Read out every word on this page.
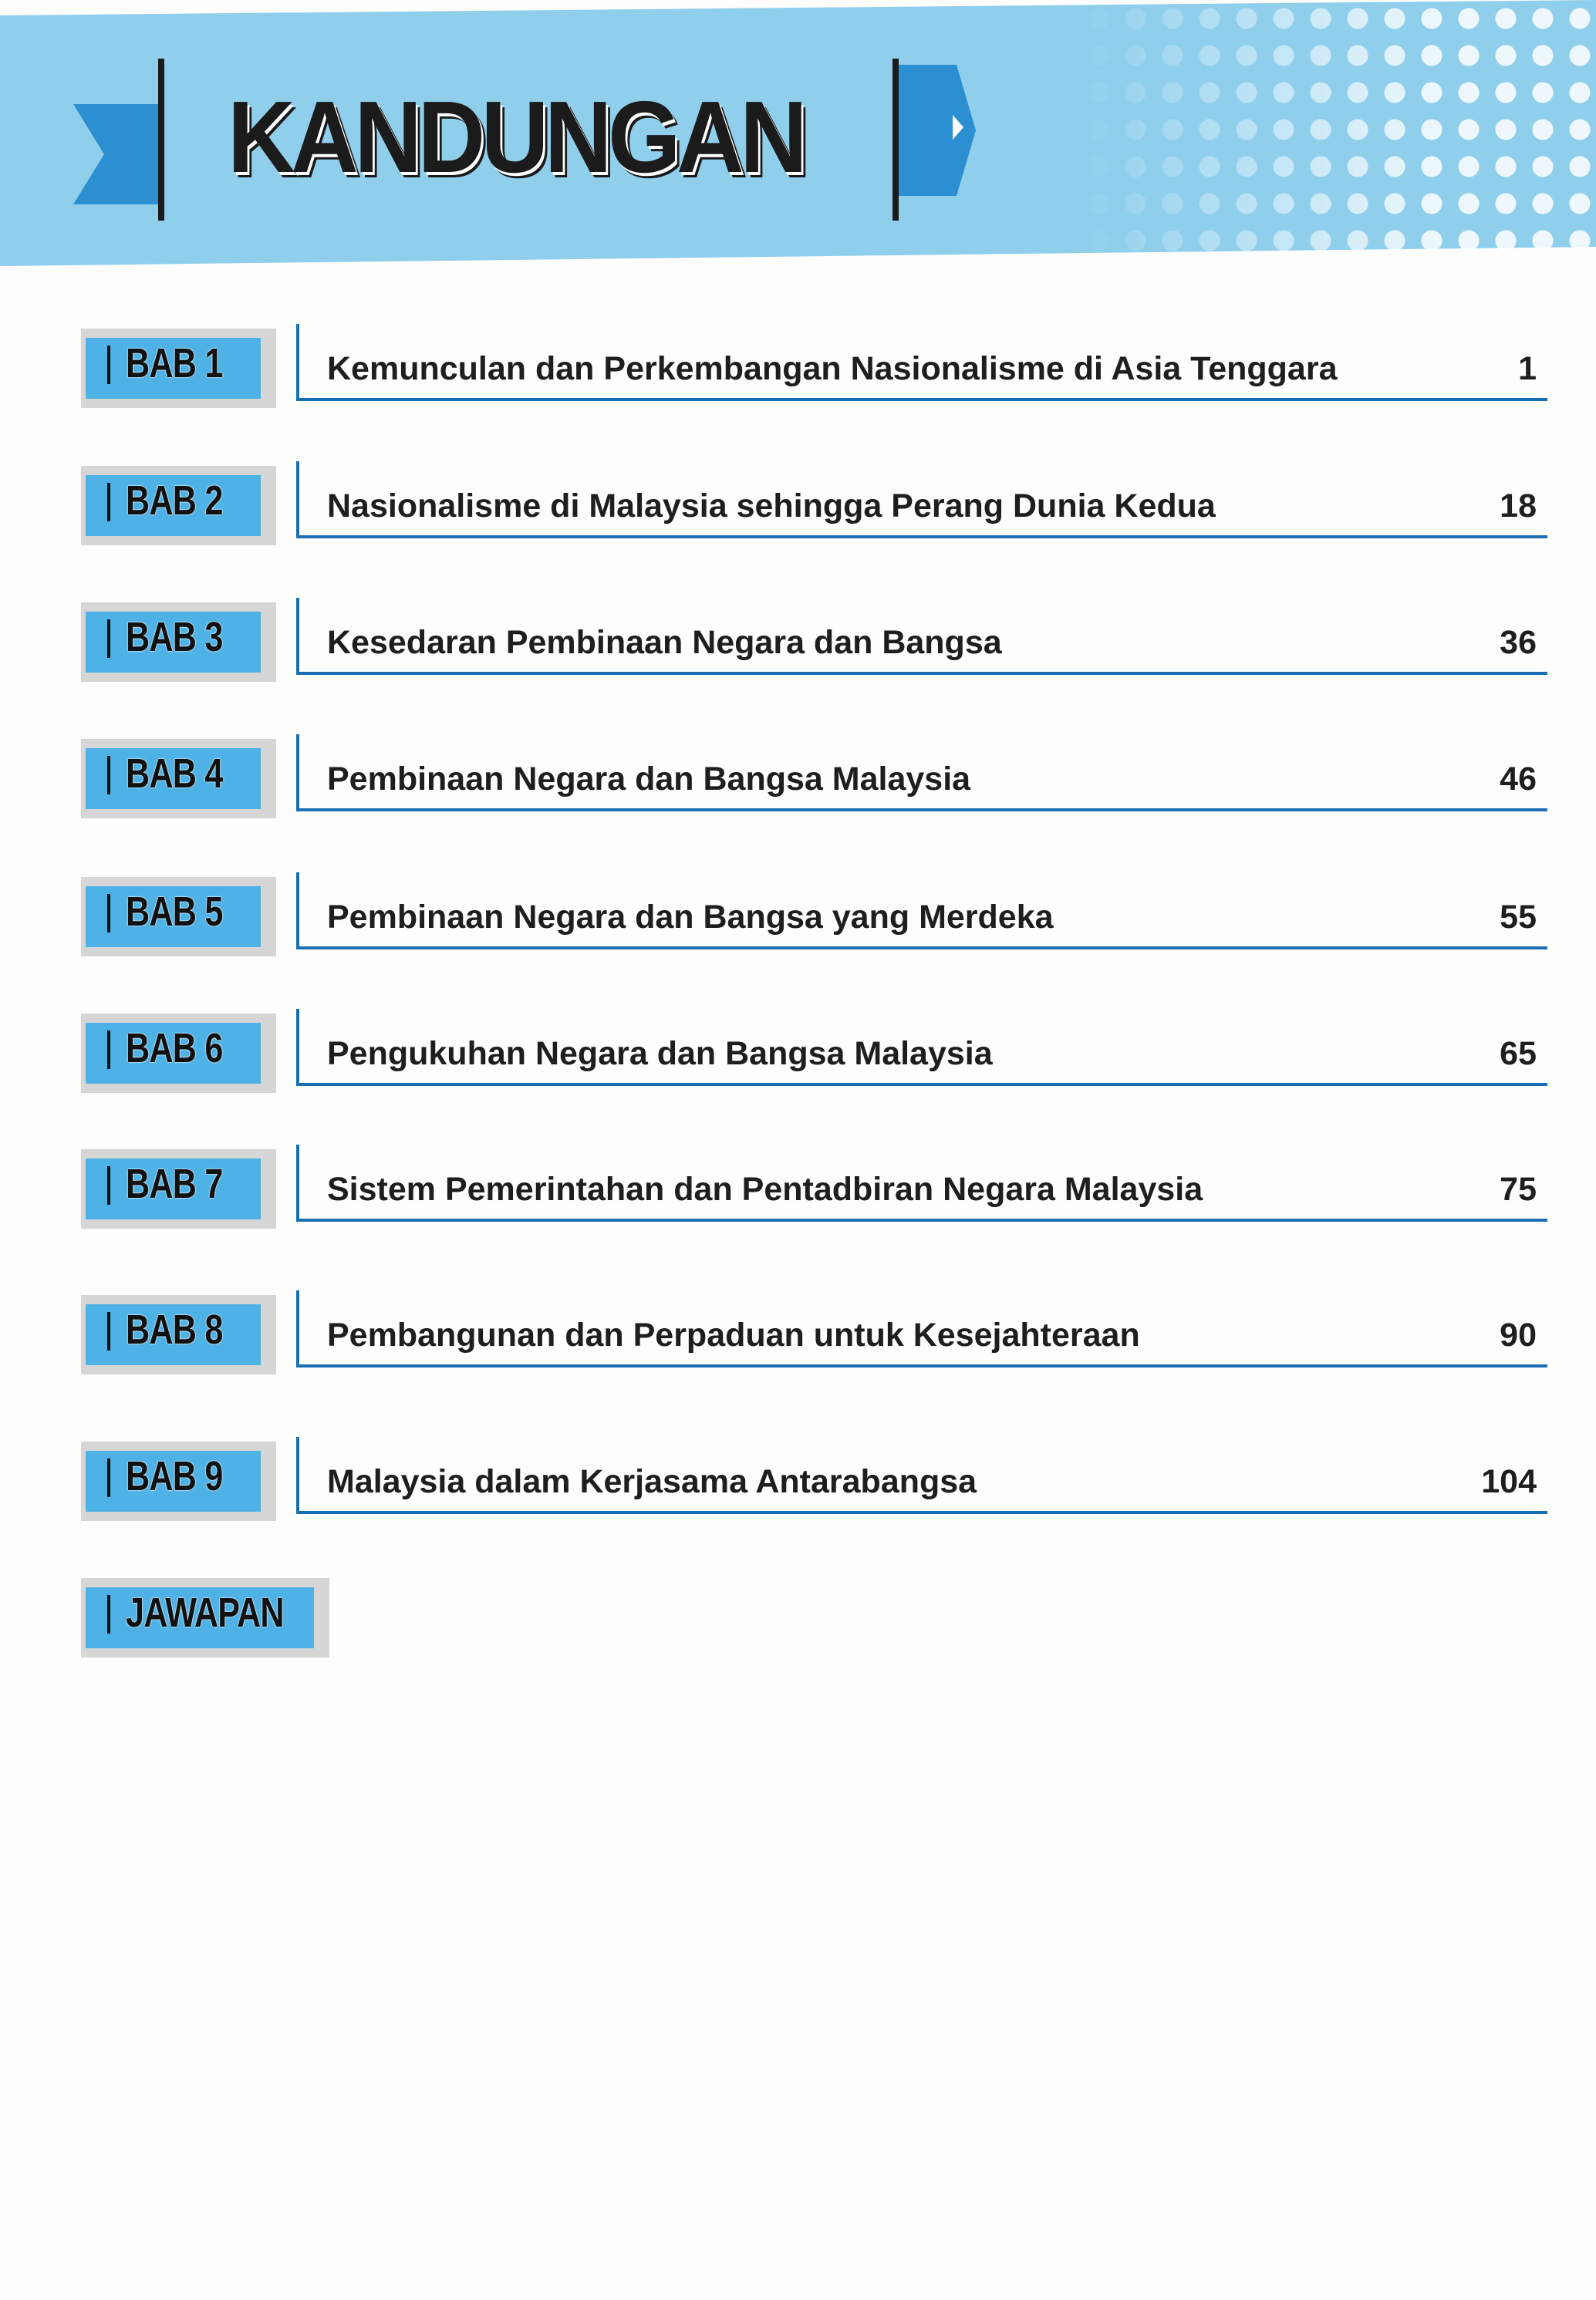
KANDUNGAN
BAB 1	Kemunculan dan Perkembangan Nasionalisme di Asia Tenggara	1
BAB 2	Nasionalisme di Malaysia sehingga Perang Dunia Kedua	18
BAB 3	Kesedaran Pembinaan Negara dan Bangsa	36
BAB 4	Pembinaan Negara dan Bangsa Malaysia	46
BAB 5	Pembinaan Negara dan Bangsa yang Merdeka	55
BAB 6	Pengukuhan Negara dan Bangsa Malaysia	65
BAB 7	Sistem Pemerintahan dan Pentadbiran Negara Malaysia	75
BAB 8	Pembangunan dan Perpaduan untuk Kesejahteraan	90
BAB 9	Malaysia dalam Kerjasama Antarabangsa	104
JAWAPAN
